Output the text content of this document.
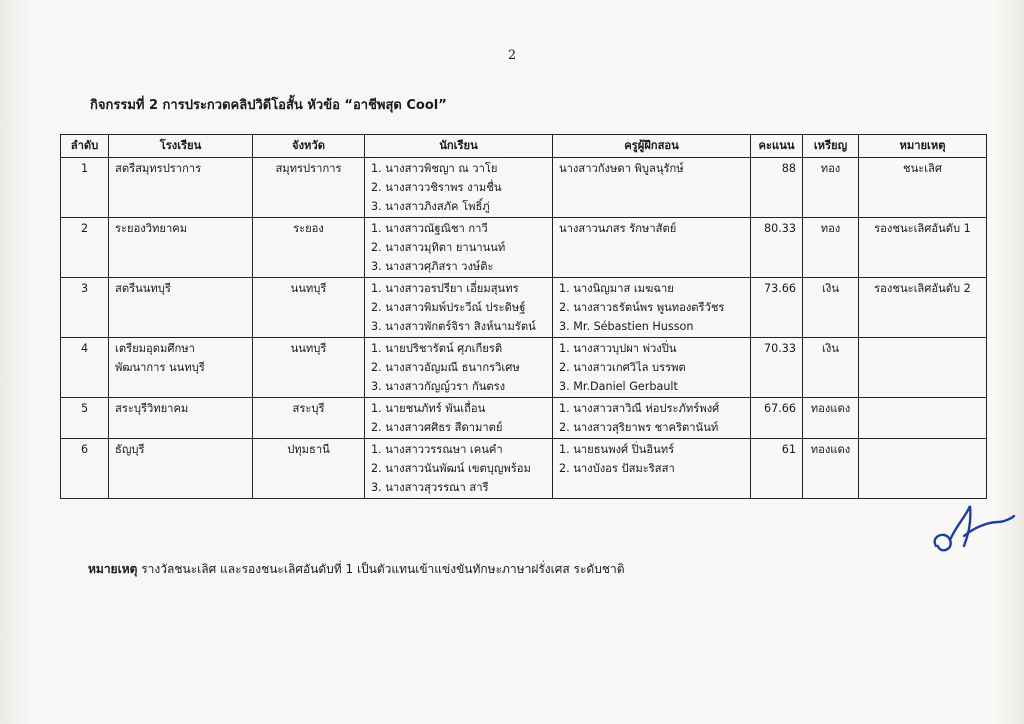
2
กิจกรรมที่ 2 การประกวดคลิปวิดีโอสั้น หัวข้อ “อาชีพสุด Cool”
ลำดับ	โรงเรียน	จังหวัด	นักเรียน	ครูผู้ฝึกสอน	คะแนน	เหรียญ	หมายเหตุ
1	สตรีสมุทรปราการ	สมุทรปราการ	1. นางสาวพิชญา ณ วาโย
2. นางสาววชิราพร งามชื่น
3. นางสาวภิงสภัค โพธิ์ภู่	นางสาวกังษดา พิบูลนุรักษ์	88	ทอง	ชนะเลิศ
2	ระยองวิทยาคม	ระยอง	1. นางสาวณัฐณิชา กาวี
2. นางสาวมุทิตา ยานานนท์
3. นางสาวศุภิสรา วงษ์ติะ	นางสาวนภสร รักษาสัตย์	80.33	ทอง	รองชนะเลิศอันดับ 1
3	สตรีนนทบุรี	นนทบุรี	1. นางสาวอรปรียา เอี่ยมสุนทร
2. นางสาวพิมพ์ประวีณ์ ประดิษฐ์
3. นางสาวพักตร์จิรา สิงห์นามรัตน์	1. นางนิญมาส เมฆฉาย
2. นางสาวธรัตน์พร พูนทองตรีวัชร
3. Mr. Sébastien Husson	73.66	เงิน	รองชนะเลิศอันดับ 2
4	เตรียมอุดมศึกษา
พัฒนาการ นนทบุรี	นนทบุรี	1. นายปริชารัตน์ ศุภเกียรติ
2. นางสาวอัญมณี ธนากรวิเศษ
3. นางสาวกัญญ์วรา กันตรง	1. นางสาวบุปผา พ่วงปิ่น
2. นางสาวเกศวิไล บรรพต
3. Mr.Daniel Gerbault	70.33	เงิน	
5	สระบุรีวิทยาคม	สระบุรี	1. นายชนภัทร์ พันเถื่อน
2. นางสาวศศิธร สีดามาตย์	1. นางสาวสาวิณี ห่อประภัทร์พงศ์
2. นางสาวสุริยาพร ชาคริตานันท์	67.66	ทองแดง	
6	ธัญบุรี	ปทุมธานี	1. นางสาววรรณษา เคนคำ
2. นางสาวนันพัฒน์ เขตบุญพร้อม
3. นางสาวสุวรรณา สารี	1. นายธนพงศ์ ปิ่นอินทร์
2. นางบังอร ปัสมะริสสา	61	ทองแดง	
หมายเหตุ รางวัลชนะเลิศ และรองชนะเลิศอันดับที่ 1 เป็นตัวแทนเข้าแข่งขันทักษะภาษาฝรั่งเศส ระดับชาติ
